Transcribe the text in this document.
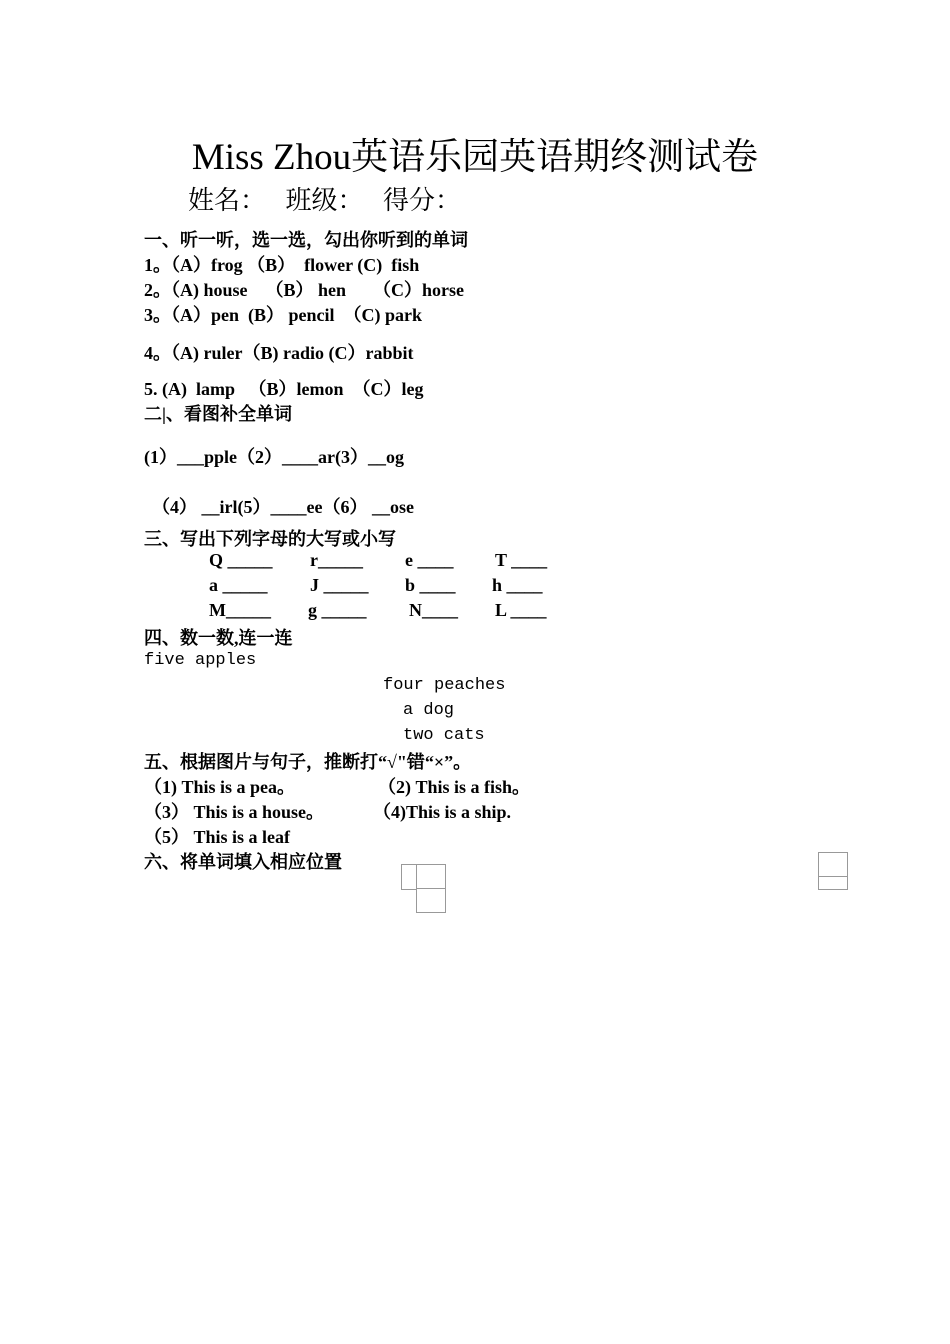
Miss Zhou英语乐园英语期终测试卷
姓名：   班级：   得分：
一、听一听，选一选，勾出你听到的单词
1。（A）frog （B）  flower (C)  fish
2。（A) house    （B） hen      （C）horse
3。（A）pen  (B） pencil  （C) park
4。（A) ruler（B) radio (C）rabbit
5. (A)  lamp   （B）lemon  （C）leg
二|、看图补全单词
(1）___pple（2）____ar(3）__og
（4） __irl(5）____ee（6） __ose
三、写出下列字母的大写或小写
Q _____ r_____ e ____ T ____
a _____ J _____ b ____ h ____
M_____ g _____ N____ L ____
四、数一数,连一连
five apples
four peaches
a dog
two cats
五、根据图片与句子，推断打“√"错“×”。
（1) This is a pea。	（2) This is a fish。
（3） This is a house。	（4)This is a ship.
（5） This is a leaf
六、将单词填入相应位置
